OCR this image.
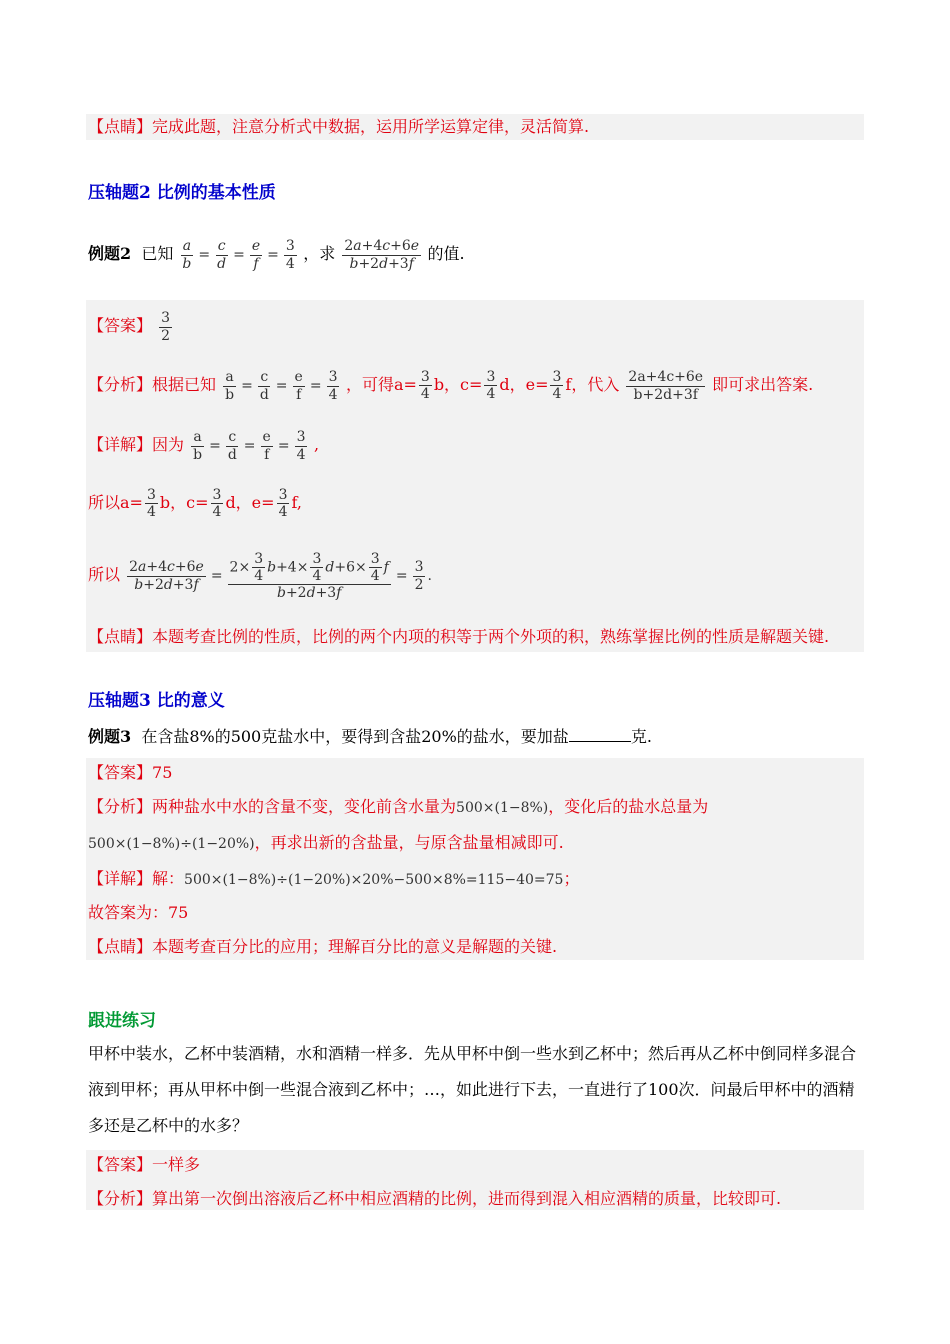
【点睛】完成此题，注意分析式中数据，运用所学运算定律，灵活简算.
压轴题2 比例的基本性质
例题2 已知 $\frac{a}{b} = \frac{c}{d} = \frac{e}{f} = \frac{3}{4}$ ，求 $\frac{2a+4c+6e}{b+2d+3f}$ 的值.
【答案】 $\frac{3}{2}$
【分析】根据已知 $\frac{a}{b} = \frac{c}{d} = \frac{e}{f} = \frac{3}{4}$ ，可得$a= \frac{3}{4}$ b，$c= \frac{3}{4}$ d，$e= \frac{3}{4}$ f，代入 $\frac{2a+4c+6e}{b+2d+3f}$ 即可求出答案.
【详解】因为 $\frac{a}{b} = \frac{c}{d} = \frac{e}{f} = \frac{3}{4}$ ,
所以$a= \frac{3}{4}$ b，$c= \frac{3}{4}$ d，$e= \frac{3}{4} f$,
所以 $\frac{2a+4c+6e}{b+2d+3f} = \frac{2\times \frac{3}{4} b+4\times \frac{3}{4} d+6\times \frac{3}{4} f}{b+2d+3f} = \frac{3}{2}$ .
【点睛】本题考查比例的性质，比例的两个内项的积等于两个外项的积，熟练掌握比例的性质是解题关键.
压轴题3 比的意义
例题3 在含盐8%的500克盐水中，要得到含盐20%的盐水，要加盐	克.
【答案】75
【分析】两种盐水中水的含量不变，变化前含水量为500×(1−8%)，变化后的盐水总量为
500×(1−8%)÷(1−20%)，再求出新的含盐量，与原含盐量相减即可.
【详解】解：500×(1−8%)÷(1−20%)×20%−500×8%=115−40=75；
故答案为：75
【点睛】本题考查百分比的应用；理解百分比的意义是解题的关键.
跟进练习
甲杯中装水，乙杯中装酒精，水和酒精一样多．先从甲杯中倒一些水到乙杯中；然后再从乙杯中倒同样多混合液到甲杯；再从甲杯中倒一些混合液到乙杯中；…，如此进行下去，一直进行了100次．问最后甲杯中的酒精多还是乙杯中的水多？
【答案】一样多
【分析】算出第一次倒出溶液后乙杯中相应酒精的比例，进而得到混入相应酒精的质量，比较即可.
